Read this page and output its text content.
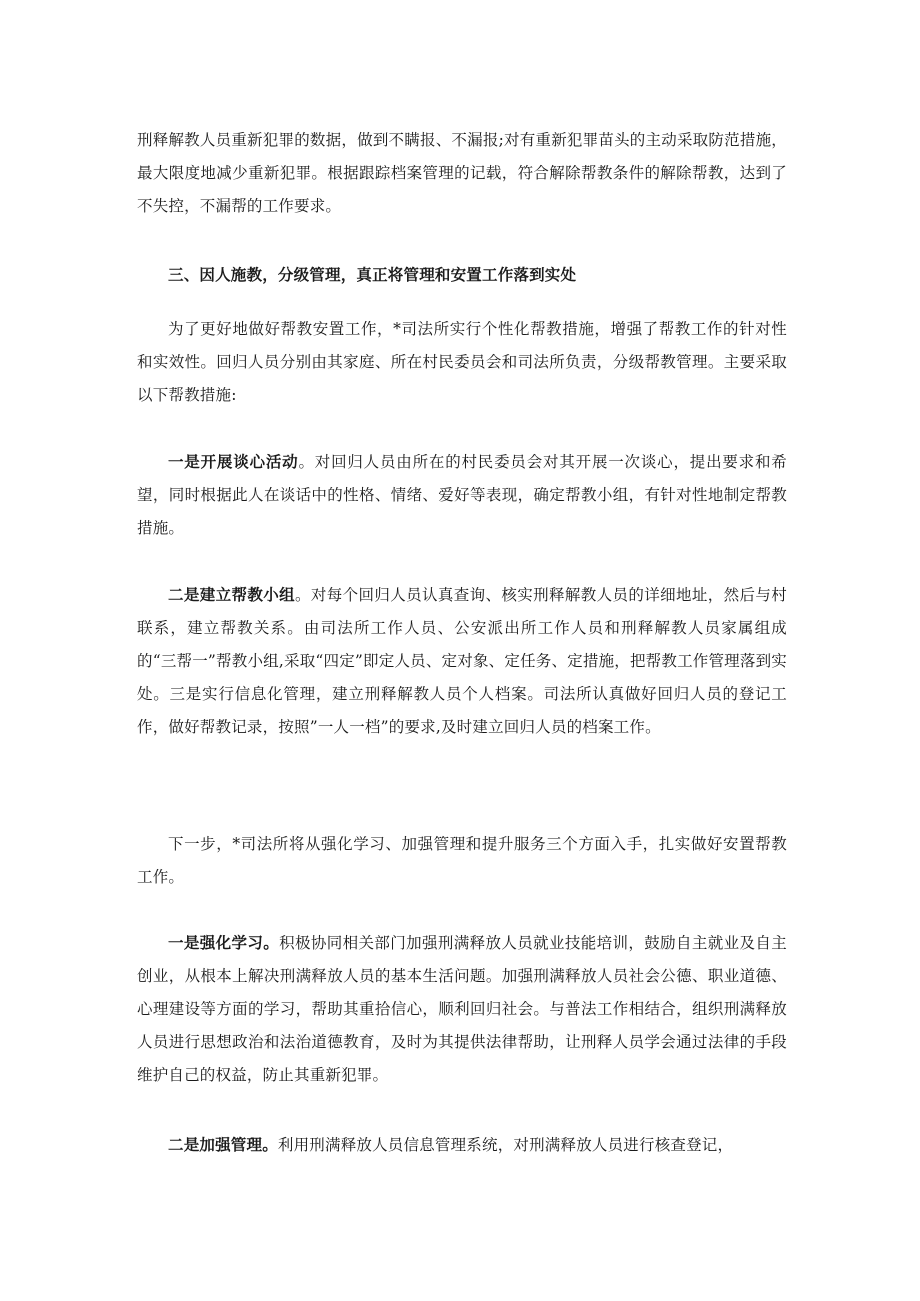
刑释解教人员重新犯罪的数据，做到不瞒报、不漏报;对有重新犯罪苗头的主动采取防范措施，最大限度地减少重新犯罪。根据跟踪档案管理的记载，符合解除帮教条件的解除帮教，达到了不失控，不漏帮的工作要求。

三、因人施教，分级管理，真正将管理和安置工作落到实处

为了更好地做好帮教安置工作，*司法所实行个性化帮教措施，增强了帮教工作的针对性和实效性。回归人员分别由其家庭、所在村民委员会和司法所负责，分级帮教管理。主要采取以下帮教措施:

一是开展谈心活动。对回归人员由所在的村民委员会对其开展一次谈心，提出要求和希望，同时根据此人在谈话中的性格、情绪、爱好等表现，确定帮教小组，有针对性地制定帮教措施。

二是建立帮教小组。对每个回归人员认真查询、核实刑释解教人员的详细地址，然后与村联系，建立帮教关系。由司法所工作人员、公安派出所工作人员和刑释解教人员家属组成的“三帮一”帮教小组,采取“四定”即定人员、定对象、定任务、定措施，把帮教工作管理落到实处。三是实行信息化管理，建立刑释解教人员个人档案。司法所认真做好回归人员的登记工作，做好帮教记录，按照”一人一档”的要求,及时建立回归人员的档案工作。

下一步，*司法所将从强化学习、加强管理和提升服务三个方面入手，扎实做好安置帮教工作。

一是强化学习。积极协同相关部门加强刑满释放人员就业技能培训，鼓励自主就业及自主创业，从根本上解决刑满释放人员的基本生活问题。加强刑满释放人员社会公德、职业道德、心理建设等方面的学习，帮助其重拾信心，顺利回归社会。与普法工作相结合，组织刑满释放人员进行思想政治和法治道德教育，及时为其提供法律帮助，让刑释人员学会通过法律的手段维护自己的权益，防止其重新犯罪。

二是加强管理。利用刑满释放人员信息管理系统，对刑满释放人员进行核查登记，
